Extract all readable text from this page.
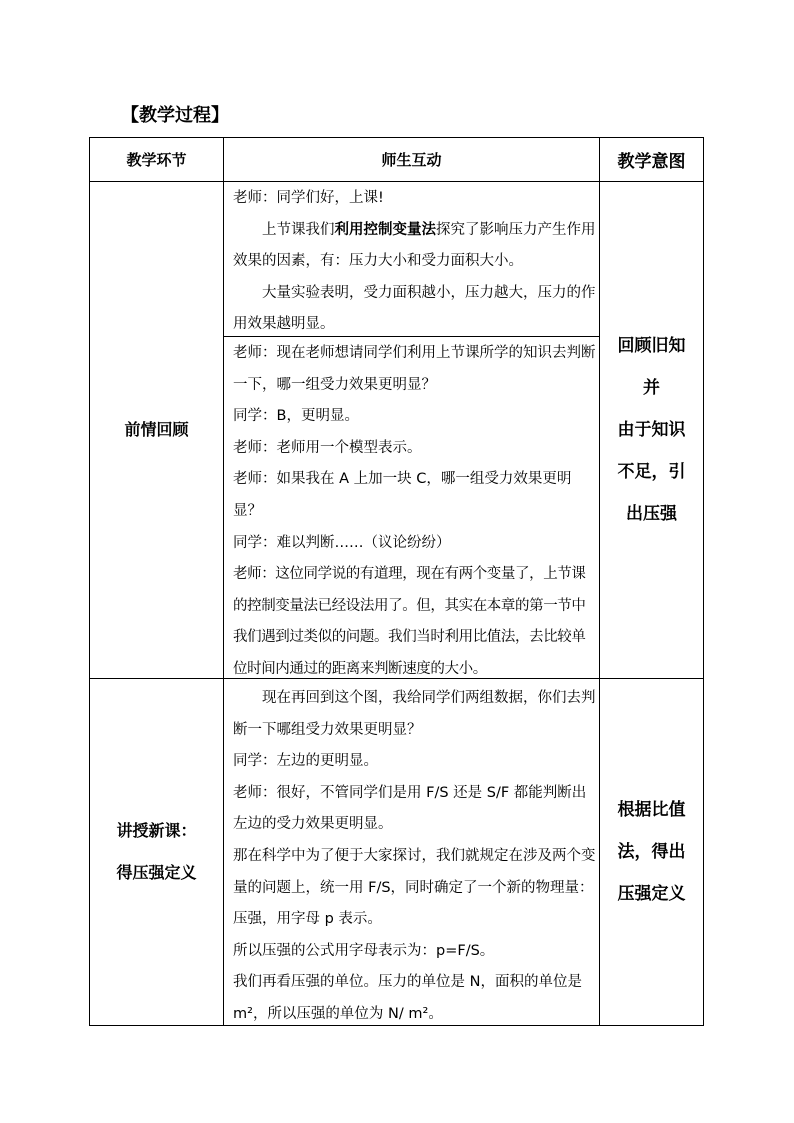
【教学过程】
教学环节	师生互动	教学意图
前情回顾

老师：同学们好，上课!

上节课我们利用控制变量法探究了影响压力产生作用效果的因素，有：压力大小和受力面积大小。

大量实验表明，受力面积越小，压力越大，压力的作用效果越明显。

老师：现在老师想请同学们利用上节课所学的知识去判断一下，哪一组受力效果更明显？

同学：B，更明显。

老师：老师用一个模型表示。

老师：如果我在 A 上加一块 C，哪一组受力效果更明显？

同学：难以判断……（议论纷纷）

老师：这位同学说的有道理，现在有两个变量了，上节课的控制变量法已经设法用了。但，其实在本章的第一节中我们遇到过类似的问题。我们当时利用比值法，去比较单位时间内通过的距离来判断速度的大小。

回顾旧知
并
由于知识
不足，引
出压强
讲授新课：
得压强定义

现在再回到这个图，我给同学们两组数据，你们去判断一下哪组受力效果更明显？

同学：左边的更明显。

老师：很好，不管同学们是用 F/S 还是 S/F 都能判断出左边的受力效果更明显。

那在科学中为了便于大家探讨，我们就规定在涉及两个变量的问题上，统一用 F/S，同时确定了一个新的物理量：压强，用字母 p 表示。

所以压强的公式用字母表示为：p=F/S。

我们再看压强的单位。压力的单位是 N，面积的单位是 m²，所以压强的单位为 N/ m²。

根据比值
法，得出
压强定义
